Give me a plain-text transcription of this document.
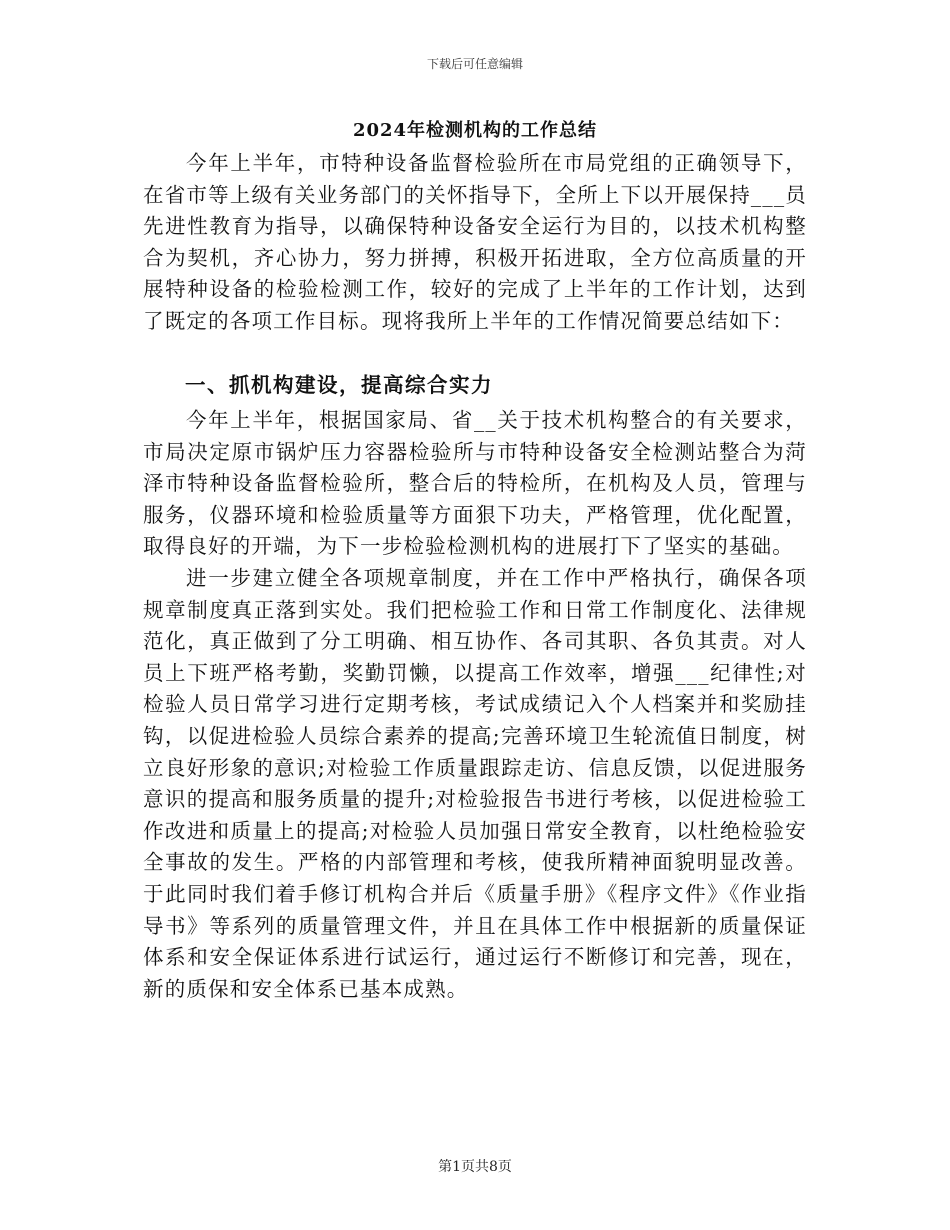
下载后可任意编辑
2024年检测机构的工作总结

今年上半年，市特种设备监督检验所在市局党组的正确领导下，在省市等上级有关业务部门的关怀指导下，全所上下以开展保持___员先进性教育为指导，以确保特种设备安全运行为目的，以技术机构整合为契机，齐心协力，努力拼搏，积极开拓进取，全方位高质量的开展特种设备的检验检测工作，较好的完成了上半年的工作计划，达到了既定的各项工作目标。现将我所上半年的工作情况简要总结如下：

一、抓机构建设，提高综合实力

今年上半年，根据国家局、省__关于技术机构整合的有关要求，市局决定原市锅炉压力容器检验所与市特种设备安全检测站整合为菏泽市特种设备监督检验所，整合后的特检所，在机构及人员，管理与服务，仪器环境和检验质量等方面狠下功夫，严格管理，优化配置，取得良好的开端，为下一步检验检测机构的进展打下了坚实的基础。

进一步建立健全各项规章制度，并在工作中严格执行，确保各项规章制度真正落到实处。我们把检验工作和日常工作制度化、法律规范化，真正做到了分工明确、相互协作、各司其职、各负其责。对人员上下班严格考勤，奖勤罚懒，以提高工作效率，增强___纪律性;对检验人员日常学习进行定期考核，考试成绩记入个人档案并和奖励挂钩，以促进检验人员综合素养的提高;完善环境卫生轮流值日制度，树立良好形象的意识;对检验工作质量跟踪走访、信息反馈，以促进服务意识的提高和服务质量的提升;对检验报告书进行考核，以促进检验工作改进和质量上的提高;对检验人员加强日常安全教育，以杜绝检验安全事故的发生。严格的内部管理和考核，使我所精神面貌明显改善。于此同时我们着手修订机构合并后《质量手册》《程序文件》《作业指导书》等系列的质量管理文件，并且在具体工作中根据新的质量保证体系和安全保证体系进行试运行，通过运行不断修订和完善，现在，新的质保和安全体系已基本成熟。

第1页共8页
